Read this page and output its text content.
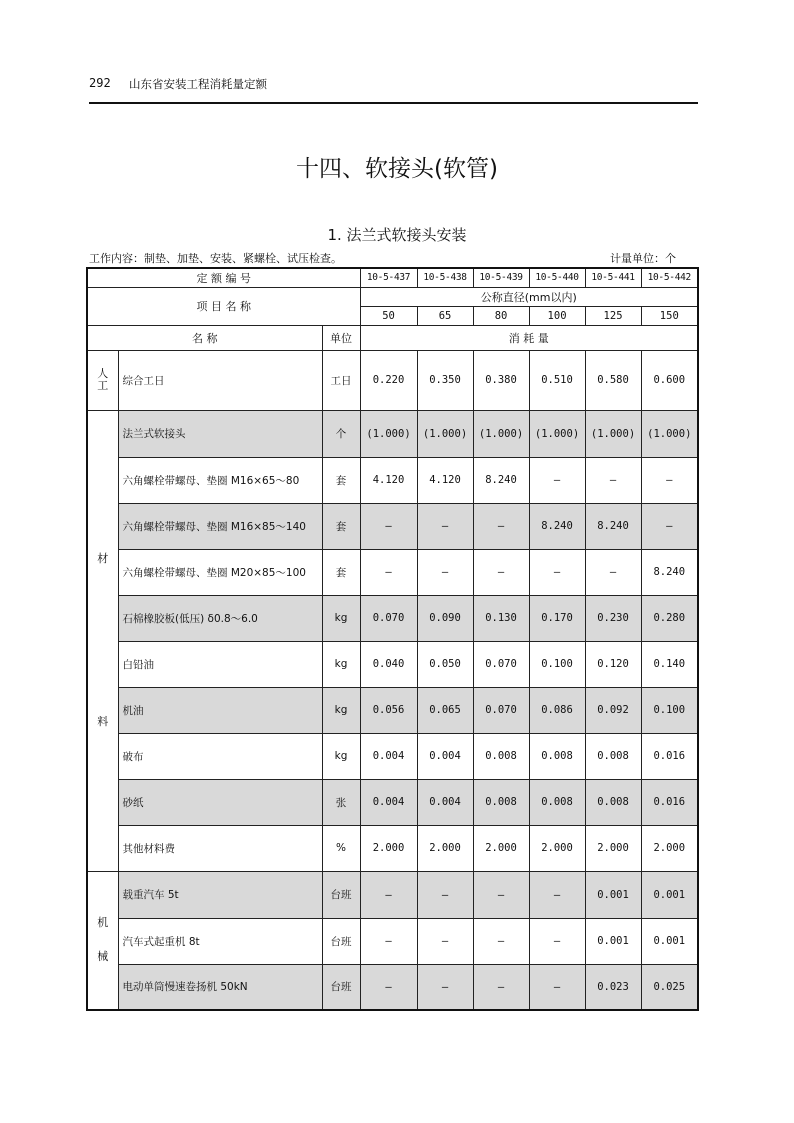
292 山东省安装工程消耗量定额
十四、软接头(软管)
1. 法兰式软接头安装
工作内容：制垫、加垫、安装、紧螺栓、试压检查。	计量单位：个
定 额 编 号			10-5-437	10-5-438	10-5-439	10-5-440	10-5-441	10-5-442
项 目 名 称			公称直径(mm以内)					
			50	65	80	100	125	150
名 称		单位	消 耗 量					

人
工	综合工日	工日	0.220	0.350	0.380	0.510	0.580	0.600

材
料	法兰式软接头	个	(1.000)	(1.000)	(1.000)	(1.000)	(1.000)	(1.000)
	六角螺栓带螺母、垫圈 M16×65～80	套	4.120	4.120	8.240	—	—	—
	六角螺栓带螺母、垫圈 M16×85～140	套	—	—	—	8.240	8.240	—
	六角螺栓带螺母、垫圈 M20×85～100	套	—	—	—	—	—	8.240
	石棉橡胶板(低压) δ0.8～6.0	kg	0.070	0.090	0.130	0.170	0.230	0.280
	白铅油	kg	0.040	0.050	0.070	0.100	0.120	0.140
	机油	kg	0.056	0.065	0.070	0.086	0.092	0.100
	破布	kg	0.004	0.004	0.008	0.008	0.008	0.016
	砂纸	张	0.004	0.004	0.008	0.008	0.008	0.016
	其他材料费	%	2.000	2.000	2.000	2.000	2.000	2.000

机
械	载重汽车 5t	台班	—	—	—	—	0.001	0.001
	汽车式起重机 8t	台班	—	—	—	—	0.001	0.001
	电动单筒慢速卷扬机 50kN	台班	—	—	—	—	0.023	0.025
